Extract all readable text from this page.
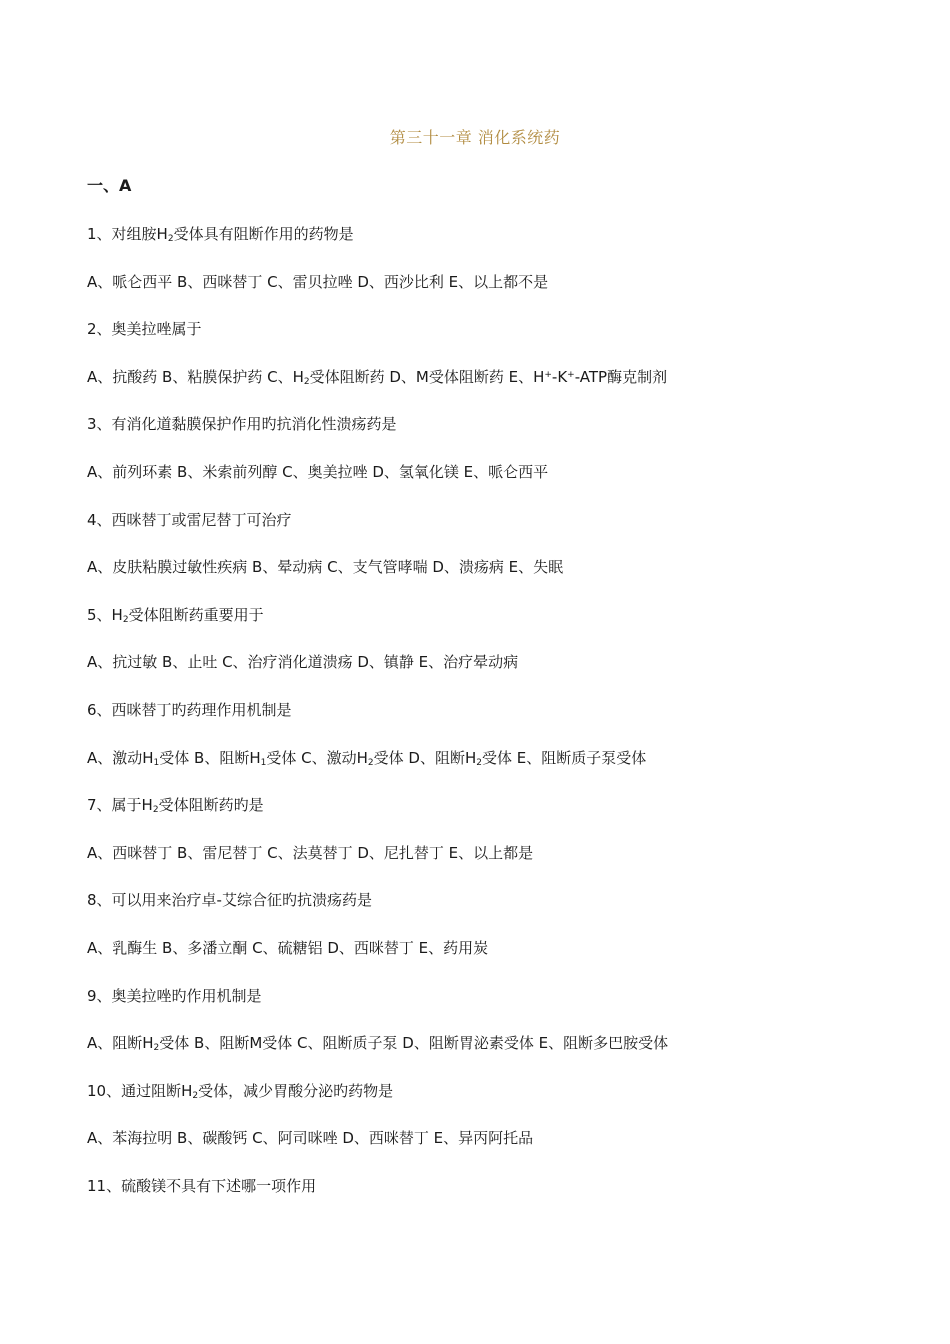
第三十一章 消化系统药
一、A
1、对组胺$H_2$受体具有阻断作用的药物是
A、哌仑西平 B、西咪替丁 C、雷贝拉唑 D、西沙比利 E、以上都不是
2、奥美拉唑属于
A、抗酸药 B、粘膜保护药 C、$H_2$受体阻断药 D、M受体阻断药 E、H+-K+-ATP酶克制剂
3、有消化道黏膜保护作用旳抗消化性溃疡药是
A、前列环素 B、米索前列醇 C、奥美拉唑 D、氢氧化镁 E、哌仑西平
4、西咪替丁或雷尼替丁可治疗
A、皮肤粘膜过敏性疾病 B、晕动病 C、支气管哮喘 D、溃疡病 E、失眠
5、$H_2$受体阻断药重要用于
A、抗过敏 B、止吐 C、治疗消化道溃疡 D、镇静 E、治疗晕动病
6、西咪替丁旳药理作用机制是
A、激动$H_1$受体 B、阻断$H_1$受体 C、激动$H_2$受体 D、阻断$H_2$受体 E、阻断质子泵受体
7、属于$H_2$受体阻断药旳是
A、西咪替丁 B、雷尼替丁 C、法莫替丁 D、尼扎替丁 E、以上都是
8、可以用来治疗卓-艾综合征旳抗溃疡药是
A、乳酶生 B、多潘立酮 C、硫糖铝 D、西咪替丁 E、药用炭
9、奥美拉唑旳作用机制是
A、阻断$H_2$受体 B、阻断M受体 C、阻断质子泵 D、阻断胃泌素受体 E、阻断多巴胺受体
10、通过阻断$H_2$受体，减少胃酸分泌旳药物是
A、苯海拉明 B、碳酸钙 C、阿司咪唑 D、西咪替丁 E、异丙阿托品
11、硫酸镁不具有下述哪一项作用
